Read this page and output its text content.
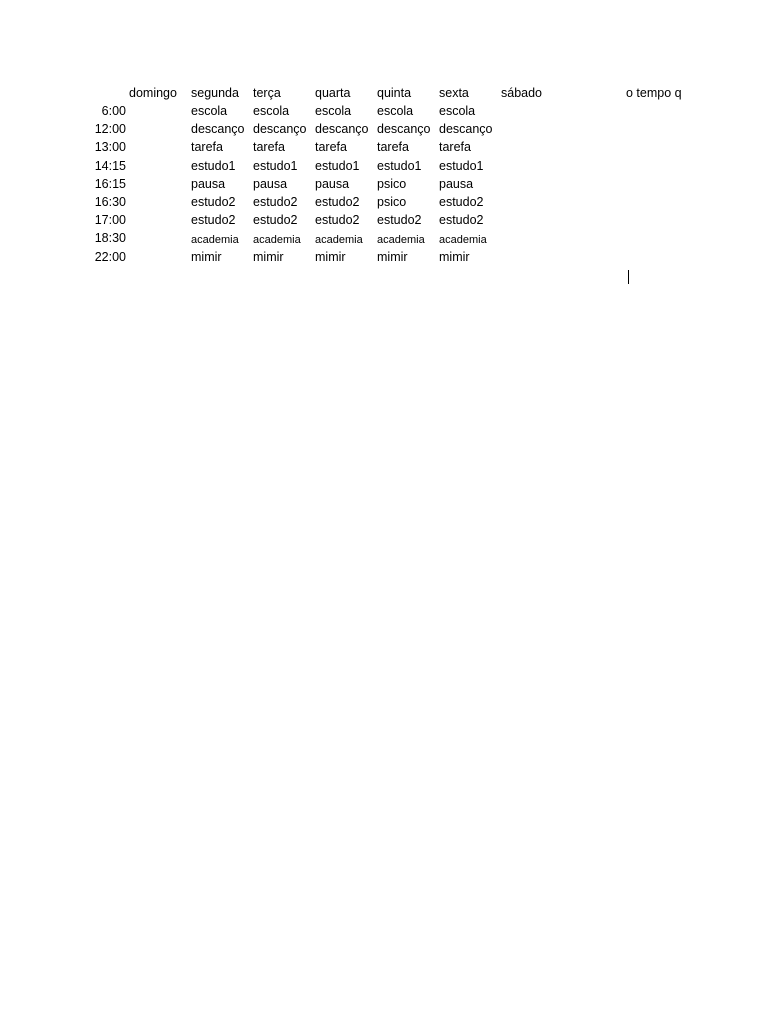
domingo segunda terça	quarta quinta sexta	sábado	o tempo q
6:00	escola escola escola escola escola
12:00	descanço descanço descanço descanço descanço
13:00	tarefa tarefa tarefa tarefa tarefa
14:15	estudo1 estudo1 estudo1 estudo1 estudo1
16:15	pausa pausa pausa psico	pausa
16:30	estudo2 estudo2 estudo2 psico	estudo2
17:00	estudo2 estudo2 estudo2 estudo2 estudo2
18:30	academia academia academia academia academia
22:00	mimir	mimir	mimir	mimir	mimir
